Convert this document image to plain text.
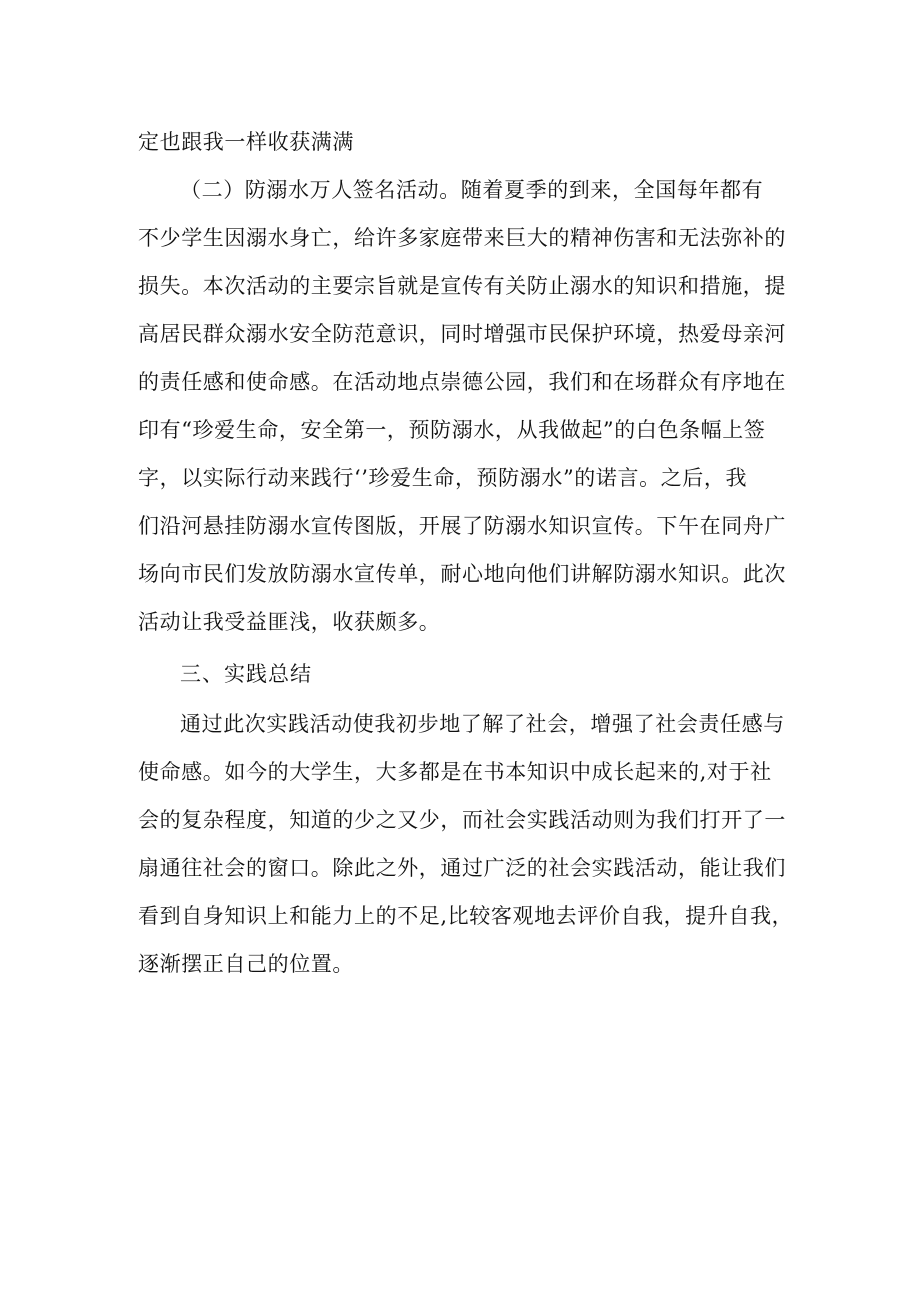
定也跟我一样收获满满
（二）防溺水万人签名活动。随着夏季的到来，全国每年都有
不少学生因溺水身亡，给许多家庭带来巨大的精神伤害和无法弥补的
损失。本次活动的主要宗旨就是宣传有关防止溺水的知识和措施，提
高居民群众溺水安全防范意识，同时增强市民保护环境，热爱母亲河
的责任感和使命感。在活动地点崇德公园，我们和在场群众有序地在
印有“珍爱生命，安全第一，预防溺水，从我做起”的白色条幅上签
字，以实际行动来践行‘’珍爱生命，预防溺水”的诺言。之后，我
们沿河悬挂防溺水宣传图版，开展了防溺水知识宣传。下午在同舟广
场向市民们发放防溺水宣传单，耐心地向他们讲解防溺水知识。此次
活动让我受益匪浅，收获颇多。
三、实践总结
通过此次实践活动使我初步地了解了社会，增强了社会责任感与
使命感。如今的大学生，大多都是在书本知识中成长起来的,对于社
会的复杂程度，知道的少之又少，而社会实践活动则为我们打开了一
扇通往社会的窗口。除此之外，通过广泛的社会实践活动，能让我们
看到自身知识上和能力上的不足,比较客观地去评价自我，提升自我，
逐渐摆正自己的位置。
